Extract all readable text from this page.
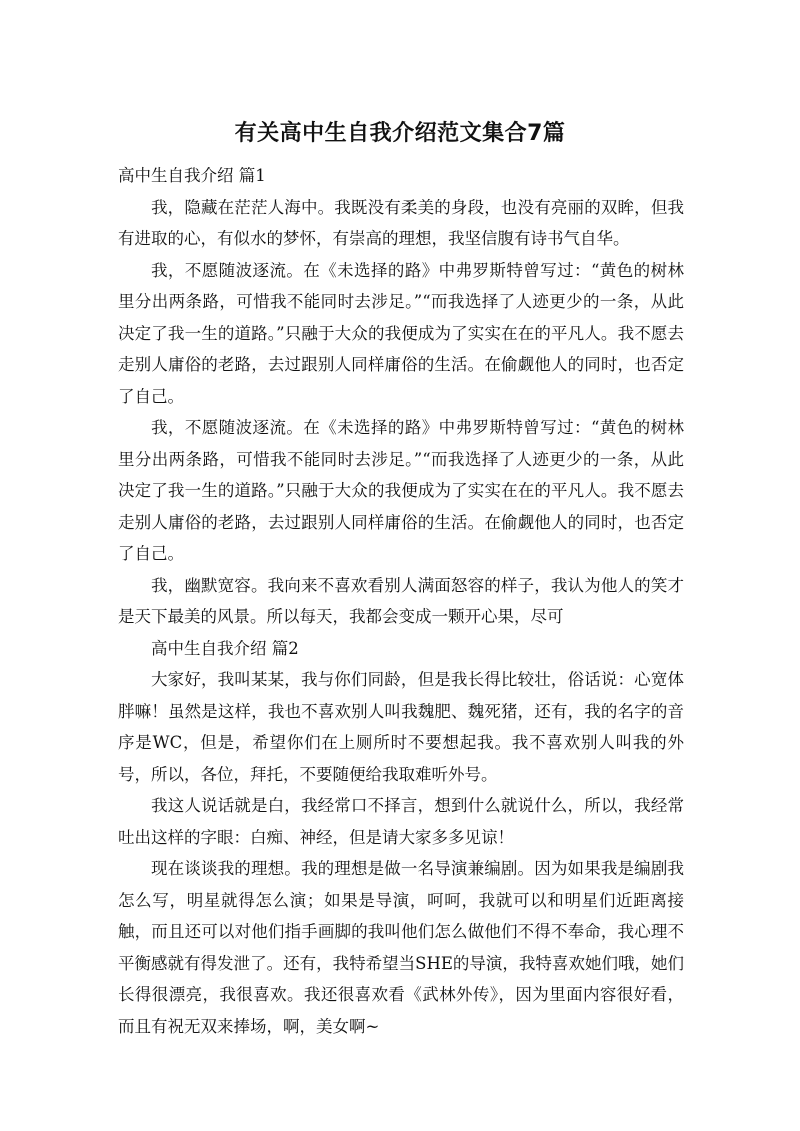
有关高中生自我介绍范文集合7篇

高中生自我介绍 篇1

我，隐藏在茫茫人海中。我既没有柔美的身段，也没有亮丽的双眸，但我有进取的心，有似水的梦怀，有崇高的理想，我坚信腹有诗书气自华。

我，不愿随波逐流。在《未选择的路》中弗罗斯特曾写过：“黄色的树林里分出两条路，可惜我不能同时去涉足。”“而我选择了人迹更少的一条，从此决定了我一生的道路。”只融于大众的我便成为了实实在在的平凡人。我不愿去走别人庸俗的老路，去过跟别人同样庸俗的生活。在偷觑他人的同时，也否定了自己。

我，不愿随波逐流。在《未选择的路》中弗罗斯特曾写过：“黄色的树林里分出两条路，可惜我不能同时去涉足。”“而我选择了人迹更少的一条，从此决定了我一生的道路。”只融于大众的我便成为了实实在在的平凡人。我不愿去走别人庸俗的老路，去过跟别人同样庸俗的生活。在偷觑他人的同时，也否定了自己。

我，幽默宽容。我向来不喜欢看别人满面怒容的样子，我认为他人的笑才是天下最美的风景。所以每天，我都会变成一颗开心果，尽可

高中生自我介绍 篇2

大家好，我叫某某，我与你们同龄，但是我长得比较壮，俗话说：心宽体胖嘛！虽然是这样，我也不喜欢别人叫我魏肥、魏死猪，还有，我的名字的音序是WC，但是，希望你们在上厕所时不要想起我。我不喜欢别人叫我的外号，所以，各位，拜托，不要随便给我取难听外号。

我这人说话就是白，我经常口不择言，想到什么就说什么，所以，我经常吐出这样的字眼：白痴、神经，但是请大家多多见谅！

现在谈谈我的理想。我的理想是做一名导演兼编剧。因为如果我是编剧我怎么写，明星就得怎么演；如果是导演，呵呵，我就可以和明星们近距离接触，而且还可以对他们指手画脚的我叫他们怎么做他们不得不奉命，我心理不平衡感就有得发泄了。还有，我特希望当SHE的导演，我特喜欢她们哦，她们长得很漂亮，我很喜欢。我还很喜欢看《武林外传》，因为里面内容很好看，而且有祝无双来捧场，啊，美女啊~
